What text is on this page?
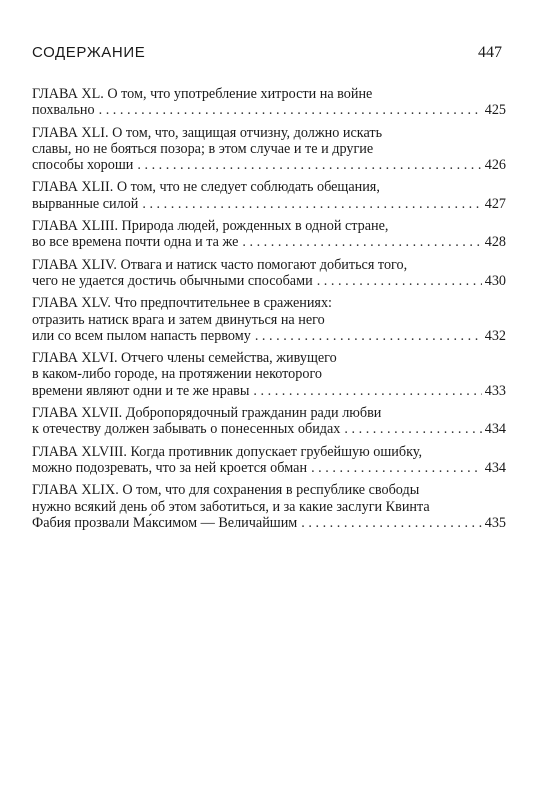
СОДЕРЖАНИЕ	447
ГЛАВА XL. О том, что употребление хитрости на войне
похвально . . .	425
ГЛАВА XLI. О том, что, защищая отчизну, должно искать
славы, но не бояться позора; в этом случае и те и другие
способы хороши . . .	426
ГЛАВА XLII. О том, что не следует соблюдать обещания,
вырванные силой . . .	427
ГЛАВА XLIII. Природа людей, рожденных в одной стране,
во все времена почти одна и та же . . .	428
ГЛАВА XLIV. Отвага и натиск часто помогают добиться того,
чего не удается достичь обычными способами . . .	430
ГЛАВА XLV. Что предпочтительнее в сражениях:
отразить натиск врага и затем двинуться на него
или со всем пылом напасть первому . . .	432
ГЛАВА XLVI. Отчего члены семейства, живущего
в каком-либо городе, на протяжении некоторого
времени являют одни и те же нравы . . .	433
ГЛАВА XLVII. Добропорядочный гражданин ради любви
к отечеству должен забывать о понесенных обидах . . .	434
ГЛАВА XLVIII. Когда противник допускает грубейшую ошибку,
можно подозревать, что за ней кроется обман . . .	434
ГЛАВА XLIX. О том, что для сохранения в республике свободы
нужно всякий день об этом заботиться, и за какие заслуги Квинта
Фабия прозвали Ма́ксимом — Величайшим . . .	435
